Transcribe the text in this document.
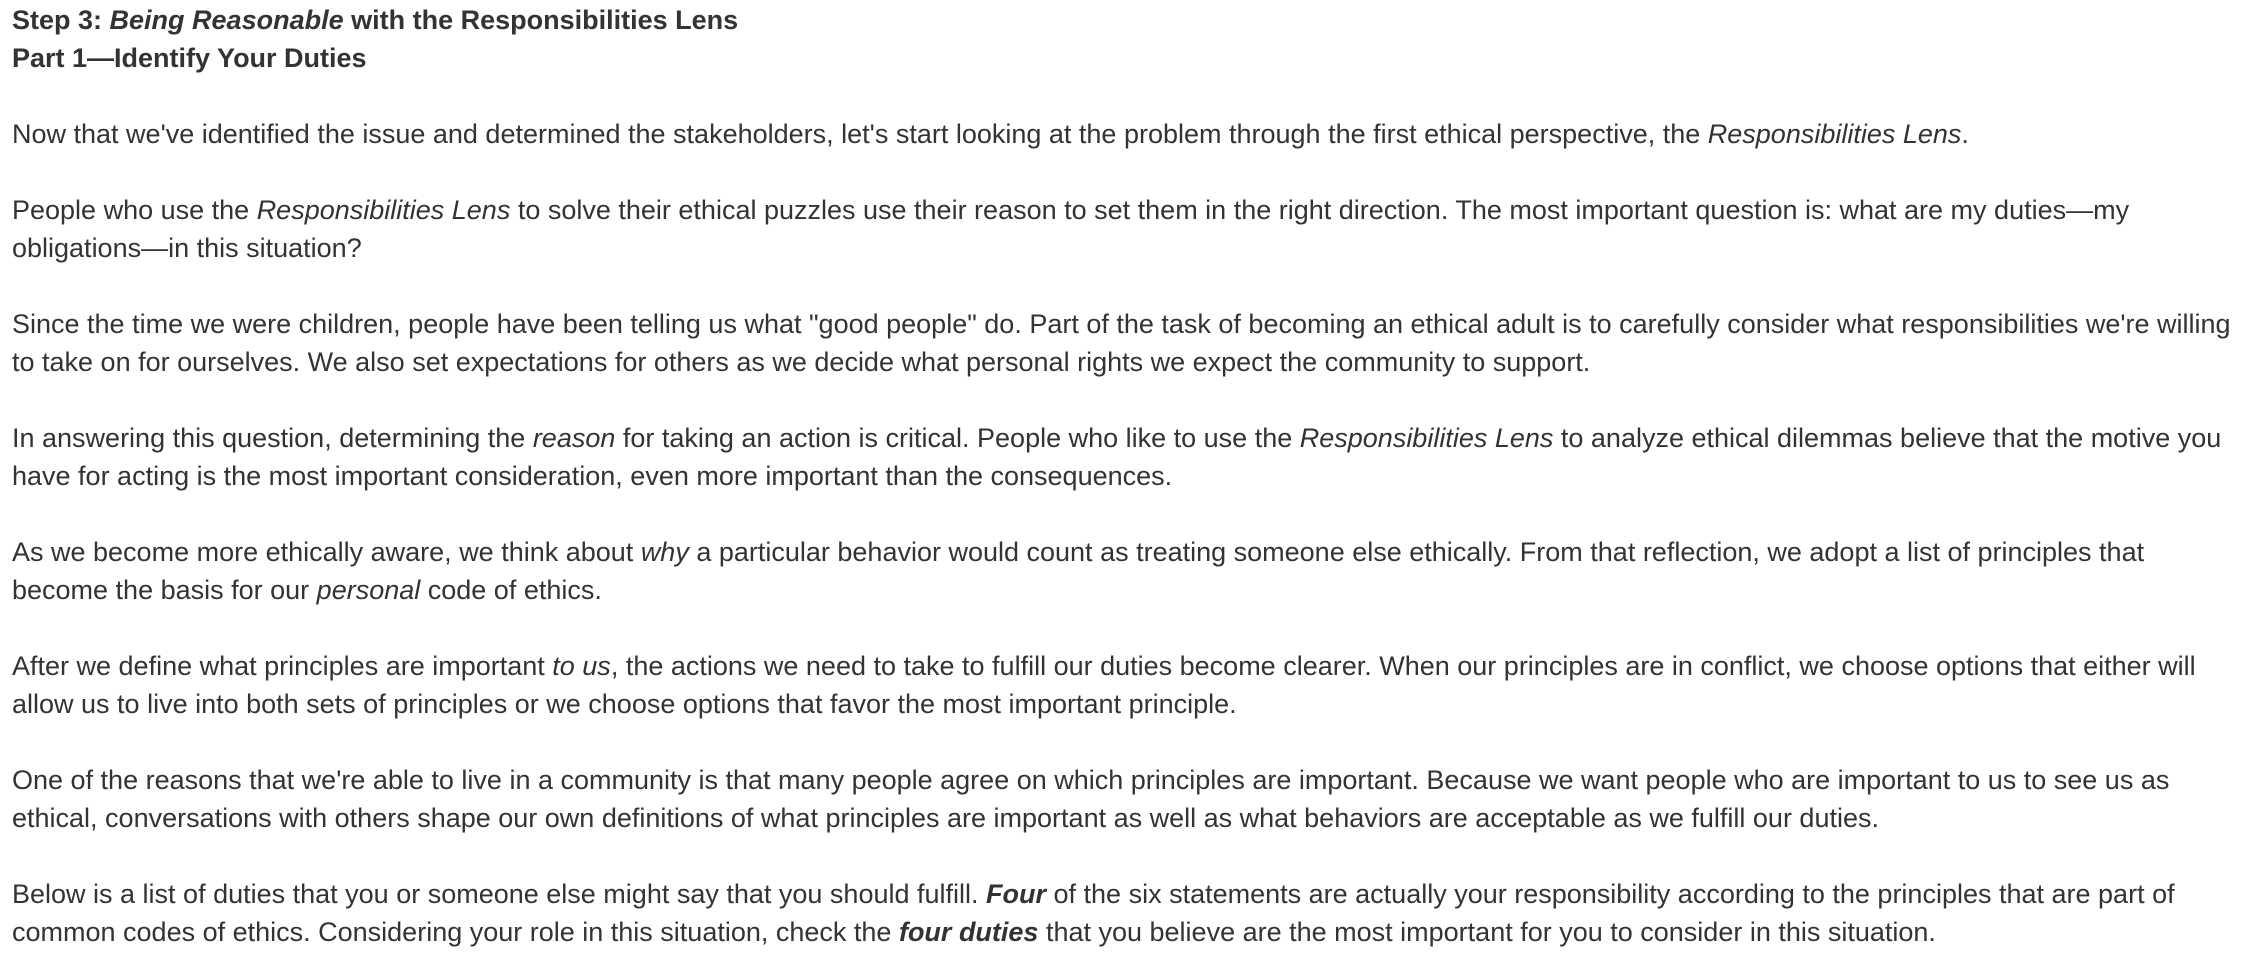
Step 3: Being Reasonable with the Responsibilities Lens
Part 1—Identify Your Duties

Now that we've identified the issue and determined the stakeholders, let's start looking at the problem through the first ethical perspective, the Responsibilities Lens.

People who use the Responsibilities Lens to solve their ethical puzzles use their reason to set them in the right direction. The most important question is: what are my duties—my obligations—in this situation?

Since the time we were children, people have been telling us what "good people" do. Part of the task of becoming an ethical adult is to carefully consider what responsibilities we're willing to take on for ourselves. We also set expectations for others as we decide what personal rights we expect the community to support.

In answering this question, determining the reason for taking an action is critical. People who like to use the Responsibilities Lens to analyze ethical dilemmas believe that the motive you have for acting is the most important consideration, even more important than the consequences.

As we become more ethically aware, we think about why a particular behavior would count as treating someone else ethically. From that reflection, we adopt a list of principles that become the basis for our personal code of ethics.

After we define what principles are important to us, the actions we need to take to fulfill our duties become clearer. When our principles are in conflict, we choose options that either will allow us to live into both sets of principles or we choose options that favor the most important principle.

One of the reasons that we're able to live in a community is that many people agree on which principles are important. Because we want people who are important to us to see us as ethical, conversations with others shape our own definitions of what principles are important as well as what behaviors are acceptable as we fulfill our duties.

Below is a list of duties that you or someone else might say that you should fulfill. Four of the six statements are actually your responsibility according to the principles that are part of common codes of ethics. Considering your role in this situation, check the four duties that you believe are the most important for you to consider in this situation.
